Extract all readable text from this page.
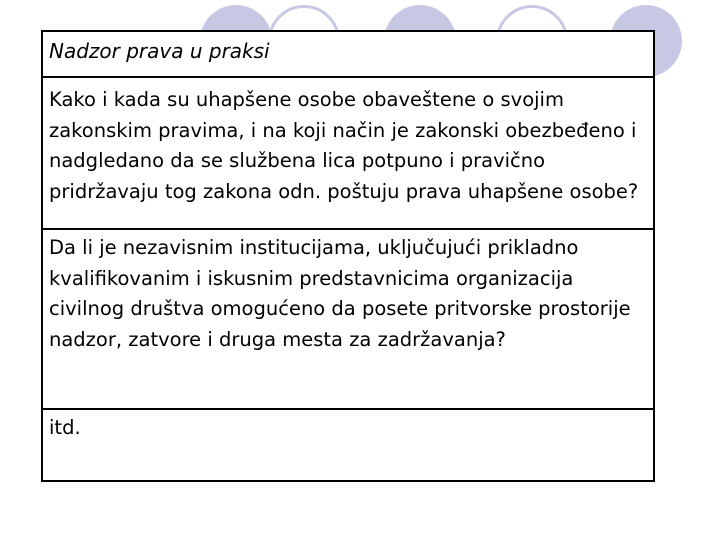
Nadzor prava u praksi
Kako i kada su uhapšene osobe obaveštene o svojim zakonskim pravima, i na koji način je zakonski obezbeđeno i nadgledano da se službena lica potpuno i pravično pridržavaju tog zakona odn. poštuju prava uhapšene osobe?
Da li je nezavisnim institucijama, uključujući prikladno kvalifikovanim i iskusnim predstavnicima organizacija civilnog društva omogućeno da posete pritvorske prostorije nadzor, zatvore i druga mesta za zadržavanja?
itd.
